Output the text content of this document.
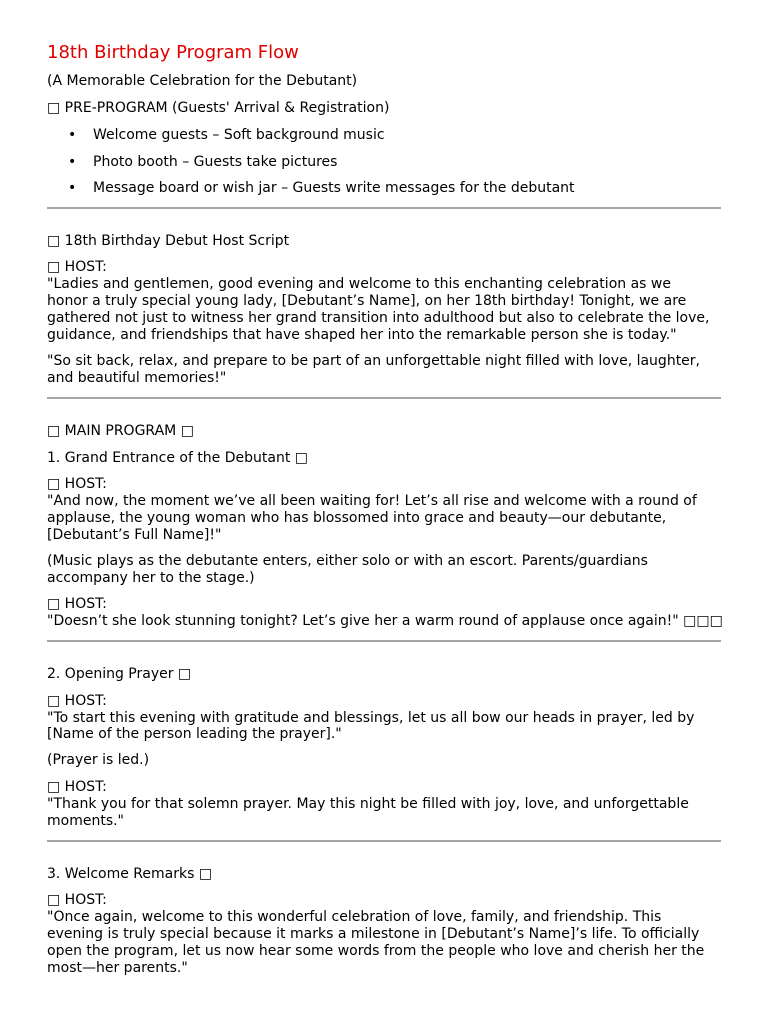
18th Birthday Program Flow
(A Memorable Celebration for the Debutant)
□ PRE-PROGRAM (Guests' Arrival & Registration)
Welcome guests – Soft background music
Photo booth – Guests take pictures
Message board or wish jar – Guests write messages for the debutant
□ 18th Birthday Debut Host Script
□ HOST:
"Ladies and gentlemen, good evening and welcome to this enchanting celebration as we
honor a truly special young lady, [Debutant’s Name], on her 18th birthday! Tonight, we are
gathered not just to witness her grand transition into adulthood but also to celebrate the love,
guidance, and friendships that have shaped her into the remarkable person she is today."
"So sit back, relax, and prepare to be part of an unforgettable night filled with love, laughter,
and beautiful memories!"
□ MAIN PROGRAM □
1. Grand Entrance of the Debutant □
□ HOST:
"And now, the moment we’ve all been waiting for! Let’s all rise and welcome with a round of
applause, the young woman who has blossomed into grace and beauty—our debutante,
[Debutant’s Full Name]!"
(Music plays as the debutante enters, either solo or with an escort. Parents/guardians
accompany her to the stage.)
□ HOST:
"Doesn’t she look stunning tonight? Let’s give her a warm round of applause once again!" □□□
2. Opening Prayer □
□ HOST:
"To start this evening with gratitude and blessings, let us all bow our heads in prayer, led by
[Name of the person leading the prayer]."
(Prayer is led.)
□ HOST:
"Thank you for that solemn prayer. May this night be filled with joy, love, and unforgettable
moments."
3. Welcome Remarks □
□ HOST:
"Once again, welcome to this wonderful celebration of love, family, and friendship. This
evening is truly special because it marks a milestone in [Debutant’s Name]’s life. To officially
open the program, let us now hear some words from the people who love and cherish her the
most—her parents."
